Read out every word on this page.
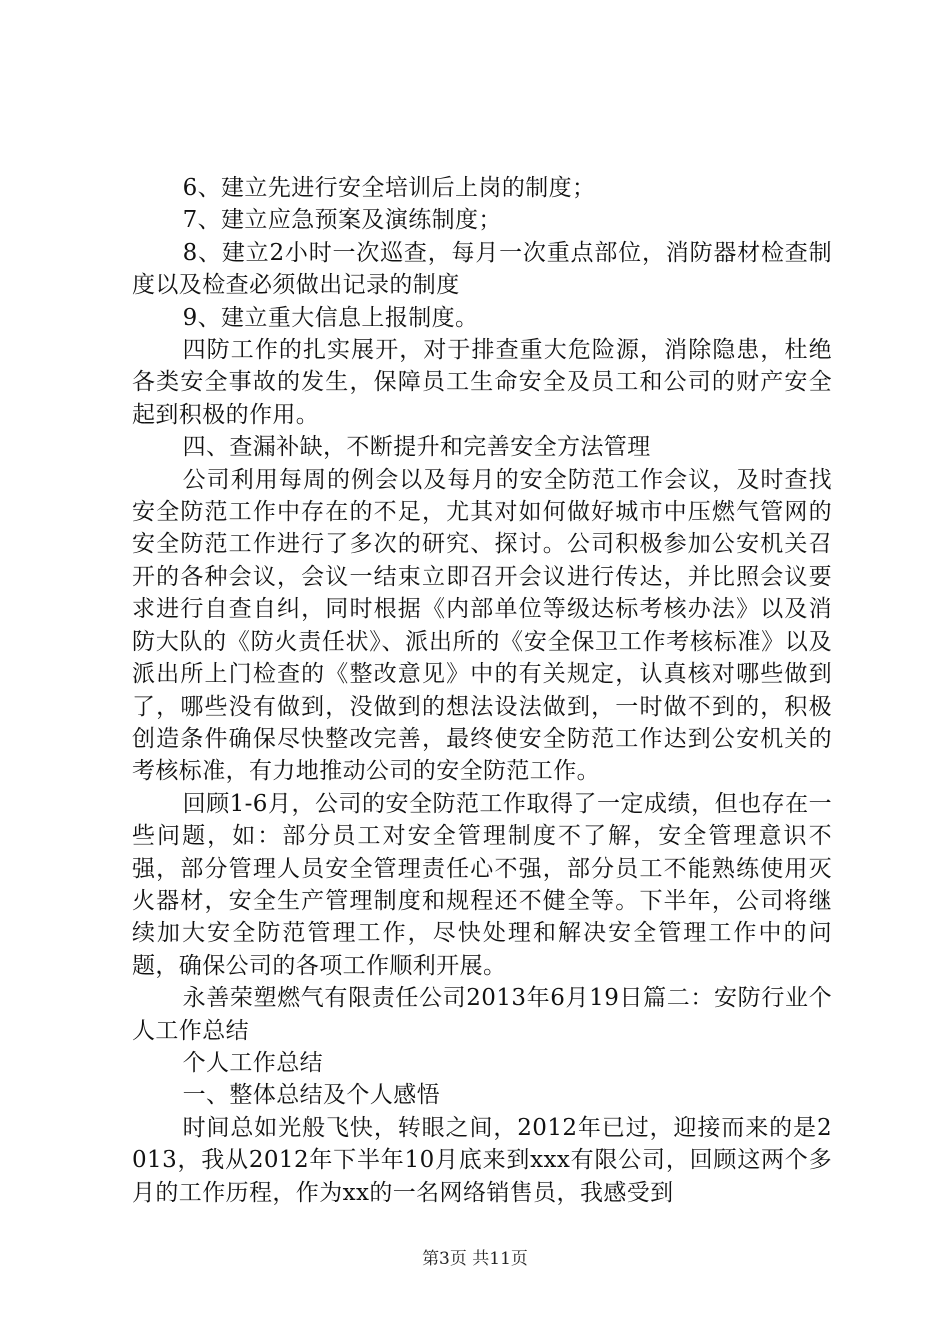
6、建立先进行安全培训后上岗的制度；

7、建立应急预案及演练制度；

8、建立2小时一次巡查，每月一次重点部位，消防器材检查制度以及检查必须做出记录的制度

9、建立重大信息上报制度。

四防工作的扎实展开，对于排查重大危险源，消除隐患，杜绝各类安全事故的发生，保障员工生命安全及员工和公司的财产安全起到积极的作用。

四、查漏补缺，不断提升和完善安全方法管理

公司利用每周的例会以及每月的安全防范工作会议，及时查找安全防范工作中存在的不足，尤其对如何做好城市中压燃气管网的安全防范工作进行了多次的研究、探讨。公司积极参加公安机关召开的各种会议，会议一结束立即召开会议进行传达，并比照会议要求进行自查自纠，同时根据《内部单位等级达标考核办法》以及消防大队的《防火责任状》、派出所的《安全保卫工作考核标准》以及派出所上门检查的《整改意见》中的有关规定，认真核对哪些做到了，哪些没有做到，没做到的想法设法做到，一时做不到的，积极创造条件确保尽快整改完善，最终使安全防范工作达到公安机关的考核标准，有力地推动公司的安全防范工作。

回顾1-6月，公司的安全防范工作取得了一定成绩，但也存在一些问题，如：部分员工对安全管理制度不了解，安全管理意识不强，部分管理人员安全管理责任心不强，部分员工不能熟练使用灭火器材，安全生产管理制度和规程还不健全等。下半年，公司将继续加大安全防范管理工作，尽快处理和解决安全管理工作中的问题，确保公司的各项工作顺利开展。

永善荣塑燃气有限责任公司2013年6月19日篇二：安防行业个人工作总结

个人工作总结

一、整体总结及个人感悟

时间总如光般飞快，转眼之间，2012年已过，迎接而来的是2013，我从2012年下半年10月底来到xxx有限公司，回顾这两个多月的工作历程，作为xx的一名网络销售员，我感受到

第3页 共11页
